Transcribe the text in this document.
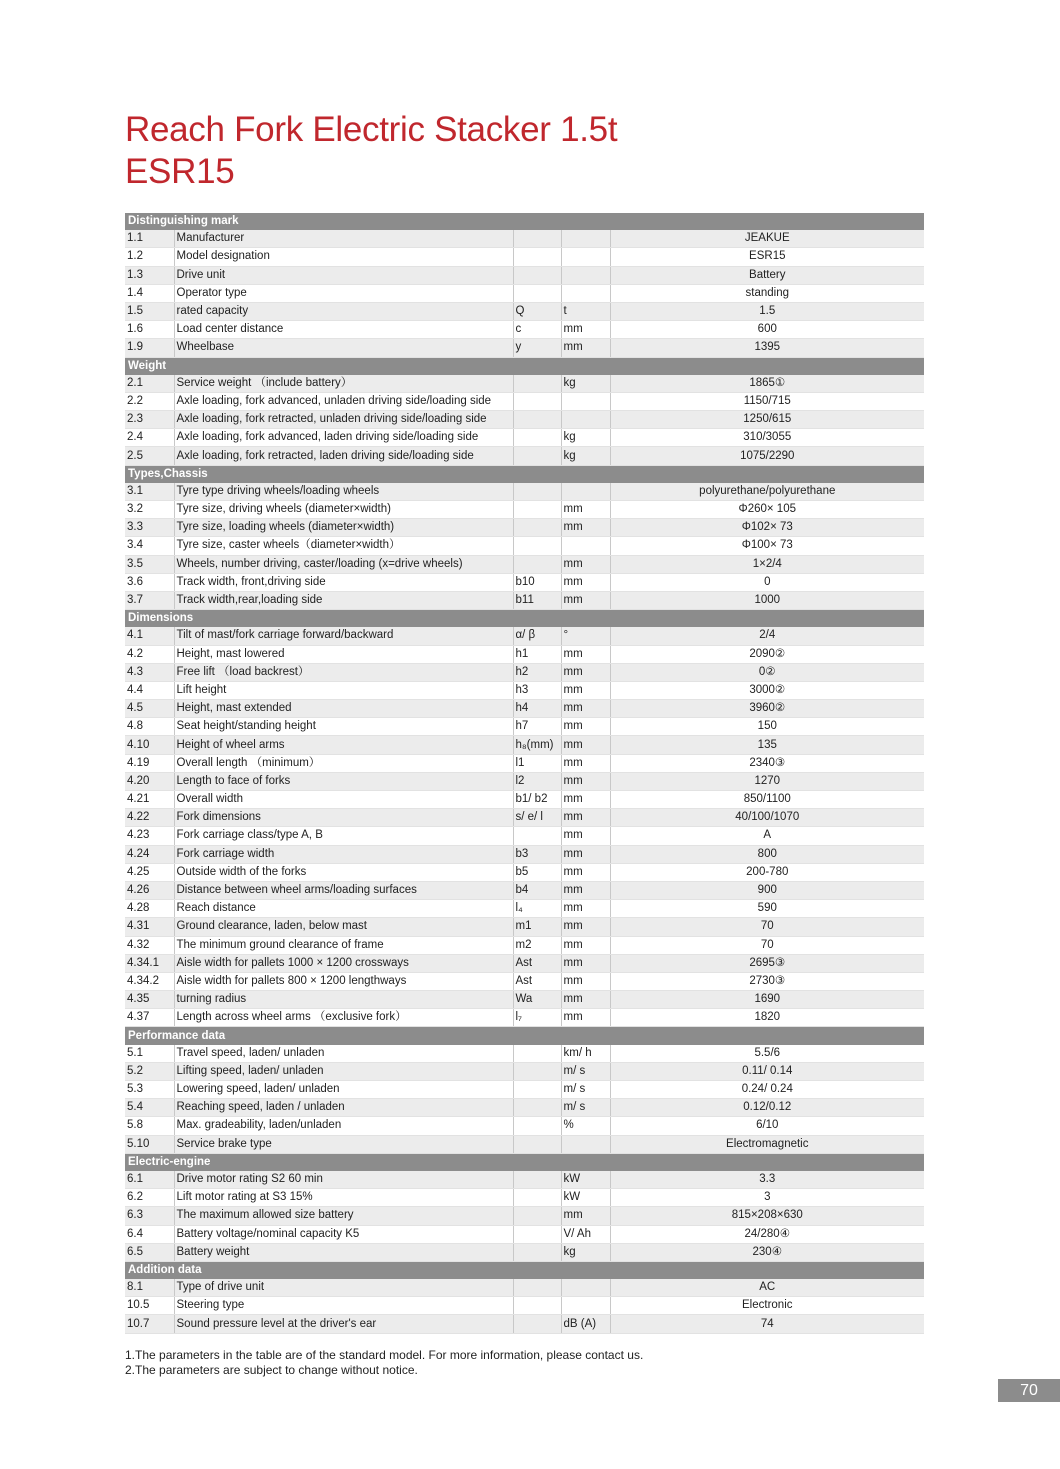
Reach Fork Electric Stacker 1.5t
ESR15
Distinguishing mark				
1.1	Manufacturer			JEAKUE
1.2	Model designation			ESR15
1.3	Drive unit			Battery
1.4	Operator type			standing
1.5	rated capacity	Q	t	1.5
1.6	Load center distance	c	mm	600
1.9	Wheelbase	y	mm	1395
Weight				
2.1	Service weight （include battery）		kg	1865①
2.2	Axle loading, fork advanced, unladen driving side/loading side			1150/715
2.3	Axle loading, fork retracted, unladen driving side/loading side			1250/615
2.4	Axle loading, fork advanced, laden driving side/loading side		kg	310/3055
2.5	Axle loading, fork retracted, laden driving side/loading side		kg	1075/2290
Types,Chassis				
3.1	Tyre type driving wheels/loading wheels			polyurethane/polyurethane
3.2	Tyre size, driving wheels (diameter×width)		mm	Φ260× 105
3.3	Tyre size, loading wheels (diameter×width)		mm	Φ102× 73
3.4	Tyre size, caster wheels（diameter×width）			Φ100× 73
3.5	Wheels, number driving, caster/loading (x=drive wheels)		mm	1×2/4
3.6	Track width, front,driving side	b10	mm	0
3.7	Track width,rear,loading side	b11	mm	1000
Dimensions				
4.1	Tilt of mast/fork carriage forward/backward	α/ β	°	2/4
4.2	Height, mast lowered	h1	mm	2090②
4.3	Free lift （load backrest）	h2	mm	0②
4.4	Lift height	h3	mm	3000②
4.5	Height, mast extended	h4	mm	3960②
4.8	Seat height/standing height	h7	mm	150
4.10	Height of wheel arms	h₈(mm)	mm	135
4.19	Overall length （minimum）	l1	mm	2340③
4.20	Length to face of forks	l2	mm	1270
4.21	Overall width	b1/ b2	mm	850/1100
4.22	Fork dimensions	s/ e/ l	mm	40/100/1070
4.23	Fork carriage class/type A, B		mm	A
4.24	Fork carriage width	b3	mm	800
4.25	Outside width of the forks	b5	mm	200-780
4.26	Distance between wheel arms/loading surfaces	b4	mm	900
4.28	Reach distance	l₄	mm	590
4.31	Ground clearance, laden, below mast	m1	mm	70
4.32	The minimum ground clearance of frame	m2	mm	70
4.34.1	Aisle width for pallets 1000 × 1200 crossways	Ast	mm	2695③
4.34.2	Aisle width for pallets 800 × 1200 lengthways	Ast	mm	2730③
4.35	turning radius	Wa	mm	1690
4.37	Length across wheel arms （exclusive fork）	l₇	mm	1820
Performance data				
5.1	Travel speed, laden/ unladen		km/ h	5.5/6
5.2	Lifting speed, laden/ unladen		m/ s	0.11/ 0.14
5.3	Lowering speed, laden/ unladen		m/ s	0.24/ 0.24
5.4	Reaching speed, laden / unladen		m/ s	0.12/0.12
5.8	Max. gradeability, laden/unladen		%	6/10
5.10	Service brake type			Electromagnetic
Electric-engine				
6.1	Drive motor rating S2 60 min		kW	3.3
6.2	Lift motor rating at S3 15%		kW	3
6.3	The maximum allowed size battery		mm	815×208×630
6.4	Battery voltage/nominal capacity K5		V/ Ah	24/280④
6.5	Battery weight		kg	230④
Addition data				
8.1	Type of drive unit			AC
10.5	Steering type			Electronic
10.7	Sound pressure level at the driver's ear		dB (A)	74
1.The parameters in the table are of the standard model. For more information, please contact us.
2.The parameters are subject to change without notice.
70
